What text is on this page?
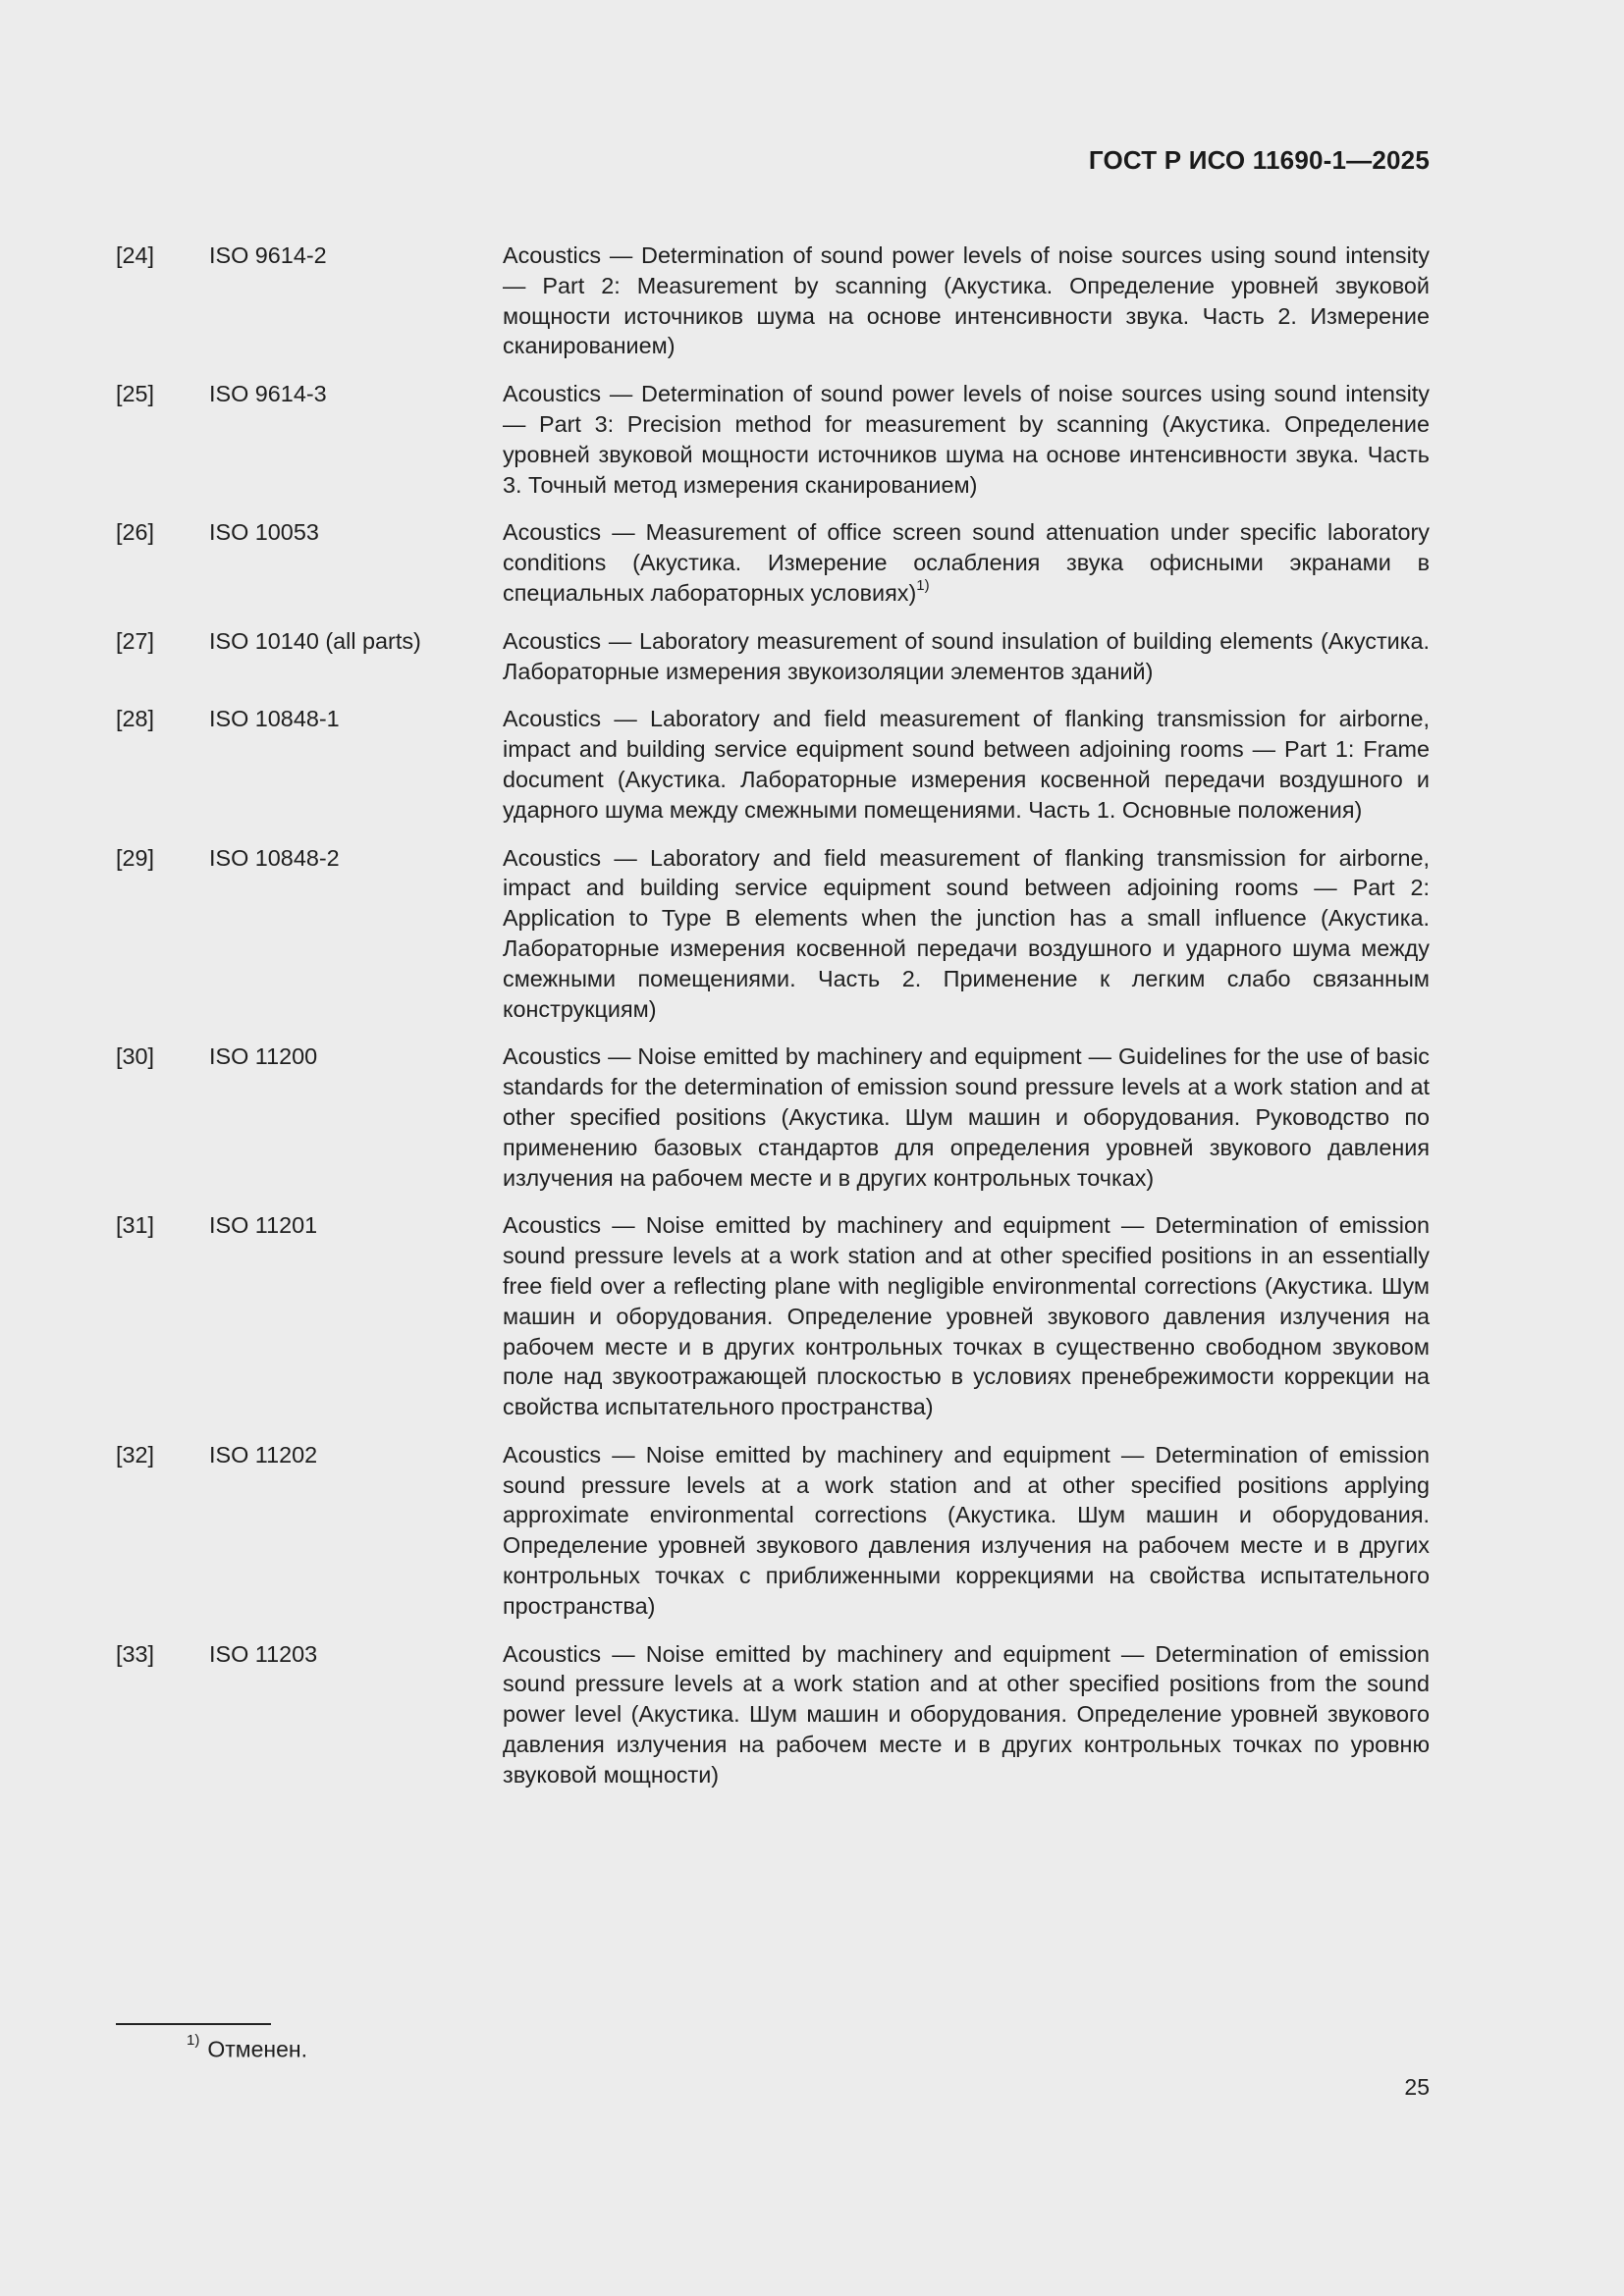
ГОСТ Р ИСО 11690-1—2025
[24]	ISO 9614-2	Acoustics — Determination of sound power levels of noise sources using sound intensity — Part 2: Measurement by scanning (Акустика. Определение уровней звуковой мощности источников шума на основе интенсивности звука. Часть 2. Измерение сканированием)
[25]	ISO 9614-3	Acoustics — Determination of sound power levels of noise sources using sound intensity — Part 3: Precision method for measurement by scanning (Акустика. Определение уровней звуковой мощности источников шума на основе интенсивности звука. Часть 3. Точный метод измерения сканированием)
[26]	ISO 10053	Acoustics — Measurement of office screen sound attenuation under specific laboratory conditions (Акустика. Измерение ослабления звука офисными экранами в специальных лабораторных условиях)$^{1)}$
[27]	ISO 10140 (all parts)	Acoustics — Laboratory measurement of sound insulation of building elements (Акустика. Лабораторные измерения звукоизоляции элементов зданий)
[28]	ISO 10848-1	Acoustics — Laboratory and field measurement of flanking transmission for airborne, impact and building service equipment sound between adjoining rooms — Part 1: Frame document (Акустика. Лабораторные измерения косвенной передачи воздушного и ударного шума между смежными помещениями. Часть 1. Основные положения)
[29]	ISO 10848-2	Acoustics — Laboratory and field measurement of flanking transmission for airborne, impact and building service equipment sound between adjoining rooms — Part 2: Application to Type B elements when the junction has a small influence (Акустика. Лабораторные измерения косвенной передачи воздушного и ударного шума между смежными помещениями. Часть 2. Применение к легким слабо связанным конструкциям)
[30]	ISO 11200	Acoustics — Noise emitted by machinery and equipment — Guidelines for the use of basic standards for the determination of emission sound pressure levels at a work station and at other specified positions (Акустика. Шум машин и оборудования. Руководство по применению базовых стандартов для определения уровней звукового давления излучения на рабочем месте и в других контрольных точках)
[31]	ISO 11201	Acoustics — Noise emitted by machinery and equipment — Determination of emission sound pressure levels at a work station and at other specified positions in an essentially free field over a reflecting plane with negligible environmental corrections (Акустика. Шум машин и оборудования. Определение уровней звукового давления излучения на рабочем месте и в других контрольных точках в существенно свободном звуковом поле над звукоотражающей плоскостью в условиях пренебрежимости коррекции на свойства испытательного пространства)
[32]	ISO 11202	Acoustics — Noise emitted by machinery and equipment — Determination of emission sound pressure levels at a work station and at other specified positions applying approximate environmental corrections (Акустика. Шум машин и оборудования. Определение уровней звукового давления излучения на рабочем месте и в других контрольных точках с приближенными коррекциями на свойства испытательного пространства)
[33]	ISO 11203	Acoustics — Noise emitted by machinery and equipment — Determination of emission sound pressure levels at a work station and at other specified positions from the sound power level (Акустика. Шум машин и оборудования. Определение уровней звукового давления излучения на рабочем месте и в других контрольных точках по уровню звуковой мощности)
$^{1)}$ Отменен.
25
